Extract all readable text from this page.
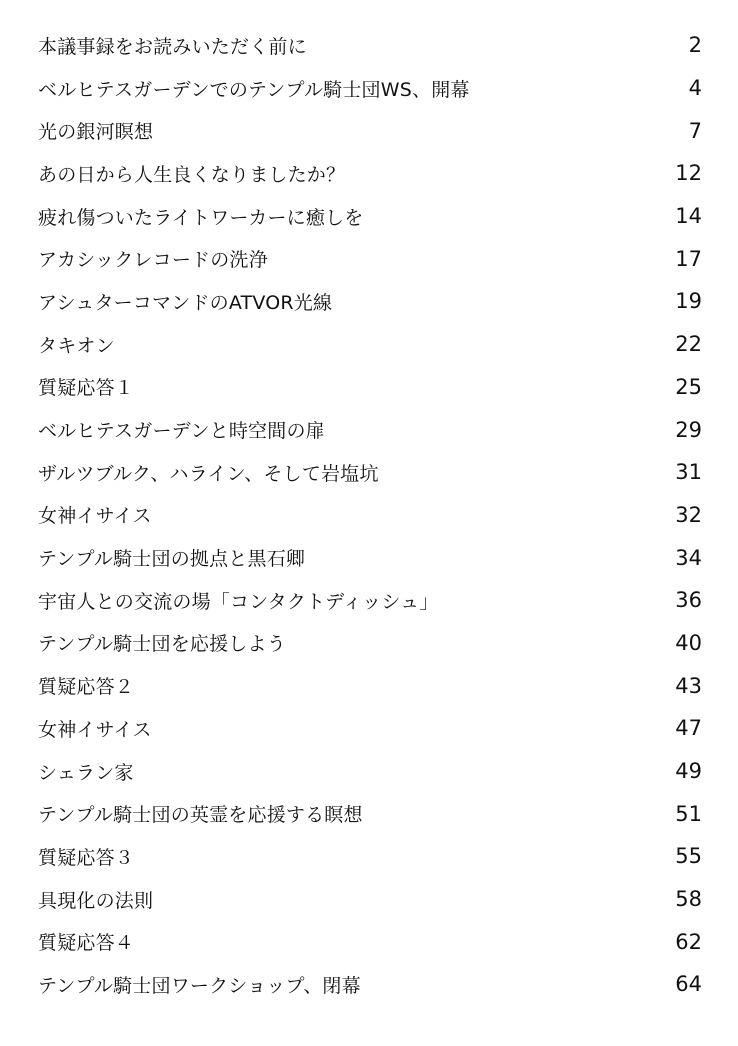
本議事録をお読みいただく前に	2
ベルヒテスガーデンでのテンプル騎士団WS、開幕	4
光の銀河瞑想	7
あの日から人生良くなりましたか？	12
疲れ傷ついたライトワーカーに癒しを	14
アカシックレコードの洗浄	17
アシュターコマンドのATVOR光線	19
タキオン	22
質疑応答１	25
ベルヒテスガーデンと時空間の扉	29
ザルツブルク、ハライン、そして岩塩坑	31
女神イサイス	32
テンプル騎士団の拠点と黒石卿	34
宇宙人との交流の場「コンタクトディッシュ」	36
テンプル騎士団を応援しよう	40
質疑応答２	43
女神イサイス	47
シェラン家	49
テンプル騎士団の英霊を応援する瞑想	51
質疑応答３	55
具現化の法則	58
質疑応答４	62
テンプル騎士団ワークショップ、閉幕	64
